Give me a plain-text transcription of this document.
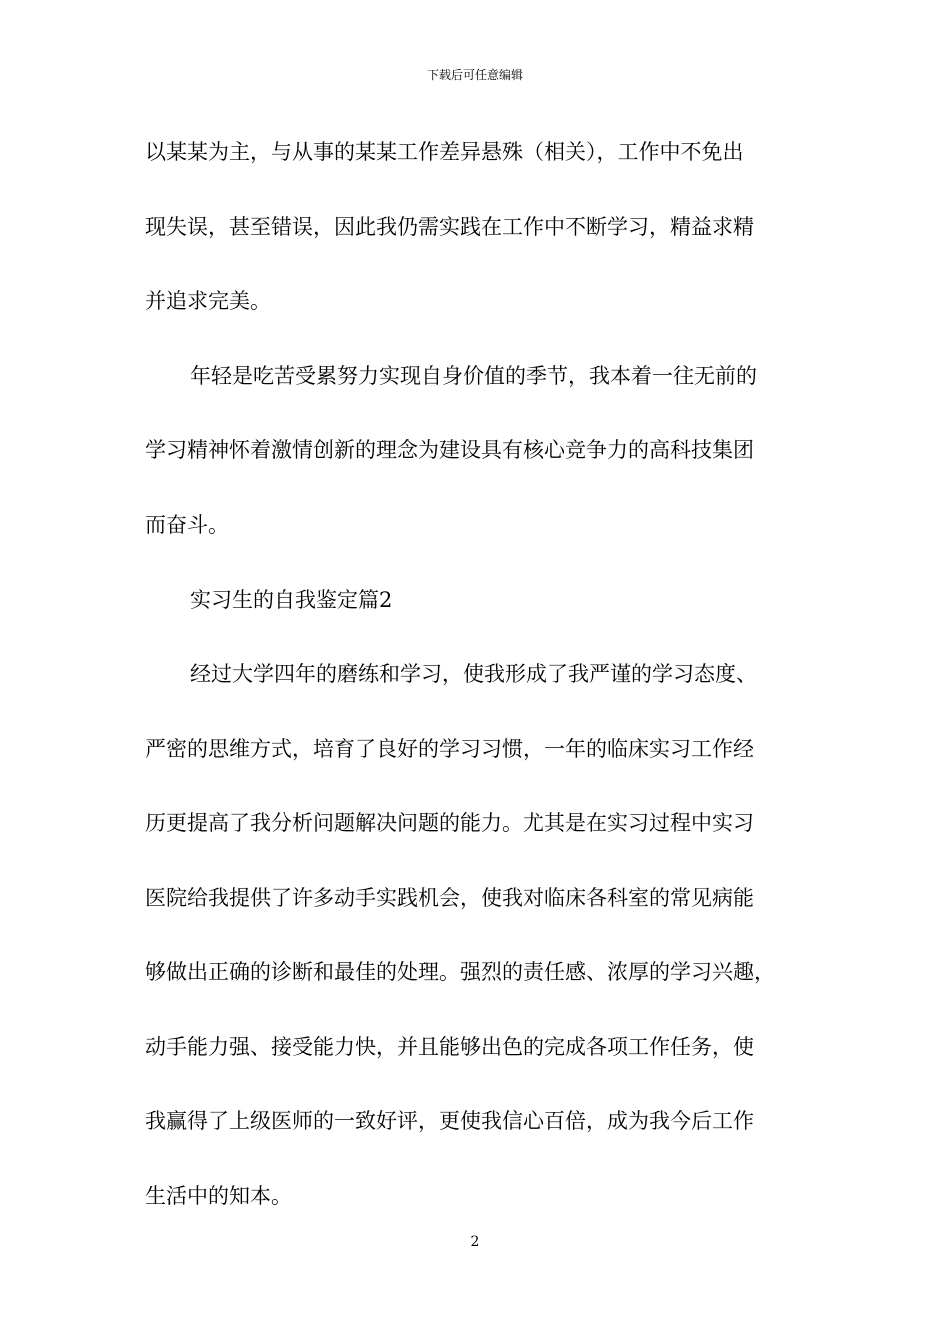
下载后可任意编辑
以某某为主，与从事的某某工作差异悬殊（相关），工作中不免出
现失误，甚至错误，因此我仍需实践在工作中不断学习，精益求精
并追求完美。
年轻是吃苦受累努力实现自身价值的季节，我本着一往无前的
学习精神怀着激情创新的理念为建设具有核心竞争力的高科技集团
而奋斗。
实习生的自我鉴定篇2
经过大学四年的磨练和学习，使我形成了我严谨的学习态度、
严密的思维方式，培育了良好的学习习惯，一年的临床实习工作经
历更提高了我分析问题解决问题的能力。尤其是在实习过程中实习
医院给我提供了许多动手实践机会，使我对临床各科室的常见病能
够做出正确的诊断和最佳的处理。强烈的责任感、浓厚的学习兴趣，
动手能力强、接受能力快，并且能够出色的完成各项工作任务，使
我赢得了上级医师的一致好评，更使我信心百倍，成为我今后工作
生活中的知本。
2
